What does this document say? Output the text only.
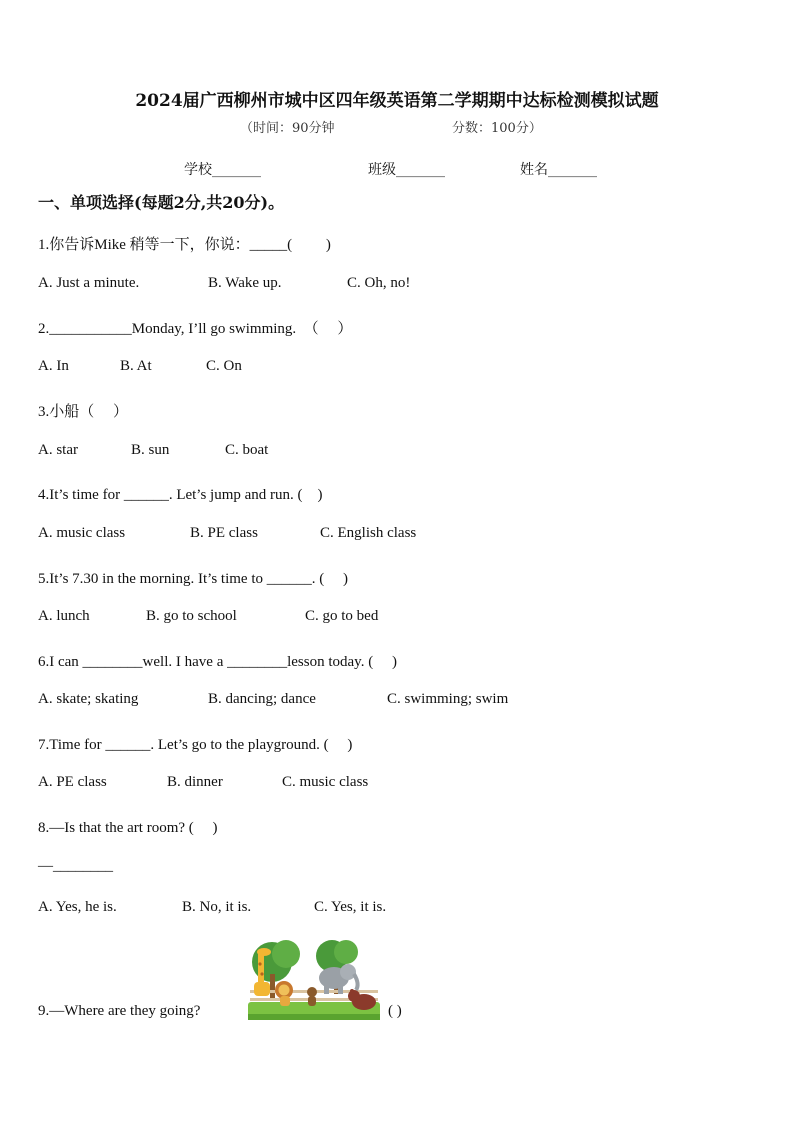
2024届广西柳州市城中区四年级英语第二学期期中达标检测模拟试题
（时间：90分钟	分数：100分）
学校_______	班级_______	姓名_______
一、单项选择(每题2分,共20分)。
1.你告诉Mike 稍等一下，你说：_____(　　 )
A. Just a minute.	B. Wake up.	C. Oh, no!
2.___________Monday, I’ll go swimming.　（　 ）
A. In	B. At	C. On
3.小船（　 ）
A. star	B. sun	C. boat
4.It’s time for ______. Let’s jump and run. (　)
A. music class	B. PE class	C. English class
5.It’s 7.30 in the morning. It’s time to ______. (　 )
A. lunch	B. go to school	C. go to bed
6.I can ________well. I have a ________lesson today. (　 )
A. skate; skating	B. dancing; dance	C. swimming; swim
7.Time for ______. Let’s go to the playground. (　 )
A. PE class	B. dinner	C. music class
8.—Is that the art room? (　 )
—________
A. Yes, he is.	B. No, it is.	C. Yes, it is.
9.—Where are they going?	( )
